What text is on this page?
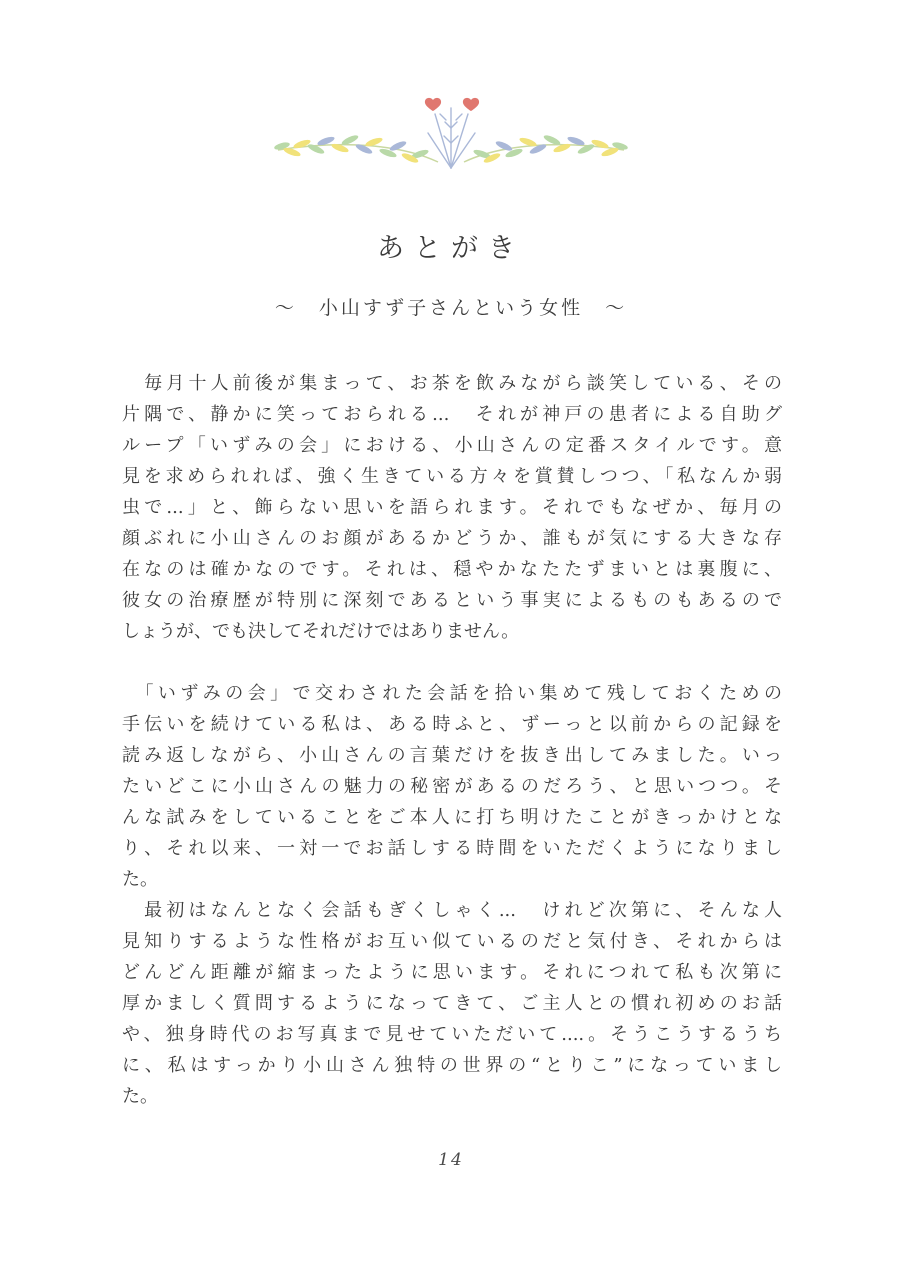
あとがき
～　小山すず子さんという女性　～
　毎月十人前後が集まって、お茶を飲みながら談笑している、その
片隅で、静かに笑っておられる...　それが神戸の患者による自助グ
ループ「いずみの会」における、小山さんの定番スタイルです。意
見を求められれば、強く生きている方々を賞賛しつつ、「私なんか弱
虫で...」と、飾らない思いを語られます。それでもなぜか、毎月の
顔ぶれに小山さんのお顔があるかどうか、誰もが気にする大きな存
在なのは確かなのです。それは、穏やかなたたずまいとは裏腹に、
彼女の治療歴が特別に深刻であるという事実によるものもあるので
しょうが、でも決してそれだけではありません。
　「いずみの会」で交わされた会話を拾い集めて残しておくための
手伝いを続けている私は、ある時ふと、ずーっと以前からの記録を
読み返しながら、小山さんの言葉だけを抜き出してみました。いっ
たいどこに小山さんの魅力の秘密があるのだろう、と思いつつ。そ
んな試みをしていることをご本人に打ち明けたことがきっかけとな
り、それ以来、一対一でお話しする時間をいただくようになりまし
た。
　最初はなんとなく会話もぎくしゃく...　けれど次第に、そんな人
見知りするような性格がお互い似ているのだと気付き、それからは
どんどん距離が縮まったように思います。それにつれて私も次第に
厚かましく質問するようになってきて、ご主人との慣れ初めのお話
や、独身時代のお写真まで見せていただいて....。そうこうするうち
に、私はすっかり小山さん独特の世界の“とりこ”になっていまし
た。
14
